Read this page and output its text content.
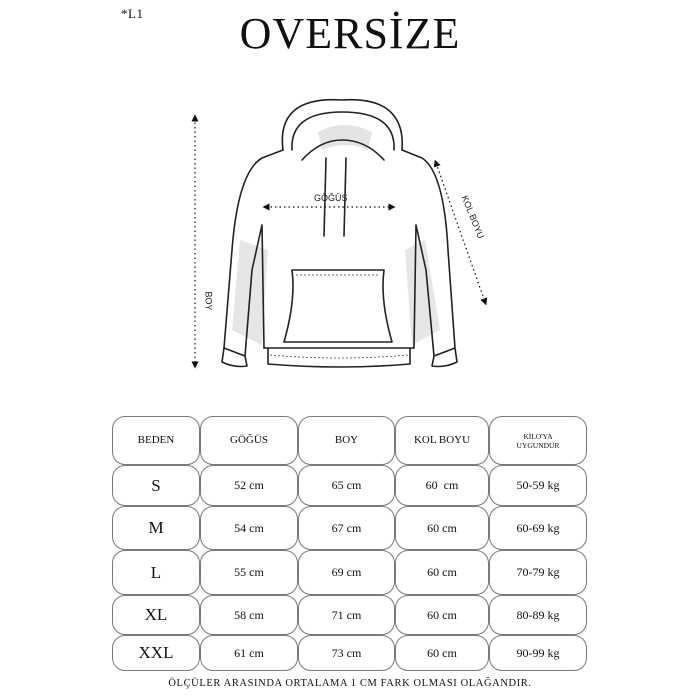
*L1	OVERSİZE
GÖĞÜS
BOY
KOL BOYU
BEDEN	GÖĞÜS	BOY	KOL BOYU	KİLO'YA
UYGUNDUR
S	52 cm	65 cm	60  cm	50-59 kg
M	54 cm	67 cm	60 cm	60-69 kg
L	55 cm	69 cm	60 cm	70-79 kg
XL	58 cm	71 cm	60 cm	80-89 kg
XXL	61 cm	73 cm	60 cm	90-99 kg
ÖLÇÜLER ARASINDA ORTALAMA 1 CM FARK OLMASI OLAĞANDIR.
